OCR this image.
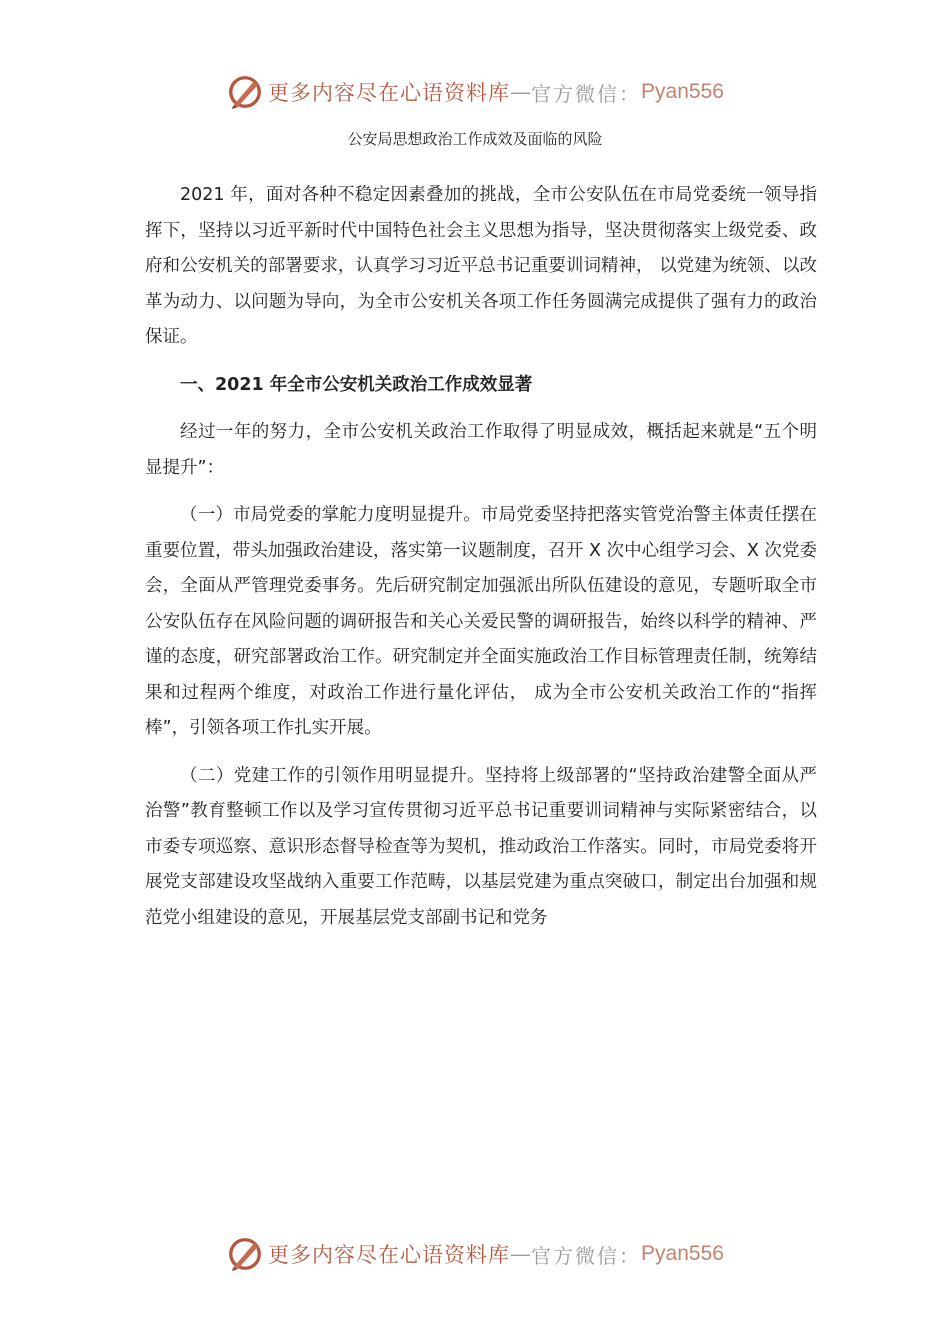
更多内容尽在心语资料库 — 官方微信： Pyan556
公安局思想政治工作成效及面临的风险

2021 年，面对各种不稳定因素叠加的挑战，全市公安队伍在市局党委统一领导指挥下，坚持以习近平新时代中国特色社会主义思想为指导，坚决贯彻落实上级党委、政府和公安机关的部署要求，认真学习习近平总书记重要训词精神， 以党建为统领、以改革为动力、以问题为导向，为全市公安机关各项工作任务圆满完成提供了强有力的政治保证。

一、2021 年全市公安机关政治工作成效显著

经过一年的努力，全市公安机关政治工作取得了明显成效，概括起来就是“五个明显提升”：

（一）市局党委的掌舵力度明显提升。市局党委坚持把落实管党治警主体责任摆在重要位置，带头加强政治建设，落实第一议题制度，召开 X 次中心组学习会、X 次党委会，全面从严管理党委事务。先后研究制定加强派出所队伍建设的意见，专题听取全市公安队伍存在风险问题的调研报告和关心关爱民警的调研报告，始终以科学的精神、严谨的态度，研究部署政治工作。研究制定并全面实施政治工作目标管理责任制，统筹结果和过程两个维度，对政治工作进行量化评估， 成为全市公安机关政治工作的“指挥棒”，引领各项工作扎实开展。

（二）党建工作的引领作用明显提升。坚持将上级部署的“坚持政治建警全面从严治警”教育整顿工作以及学习宣传贯彻习近平总书记重要训词精神与实际紧密结合，以市委专项巡察、意识形态督导检查等为契机，推动政治工作落实。同时，市局党委将开展党支部建设攻坚战纳入重要工作范畴，以基层党建为重点突破口，制定出台加强和规范党小组建设的意见，开展基层党支部副书记和党务

更多内容尽在心语资料库 — 官方微信： Pyan556
